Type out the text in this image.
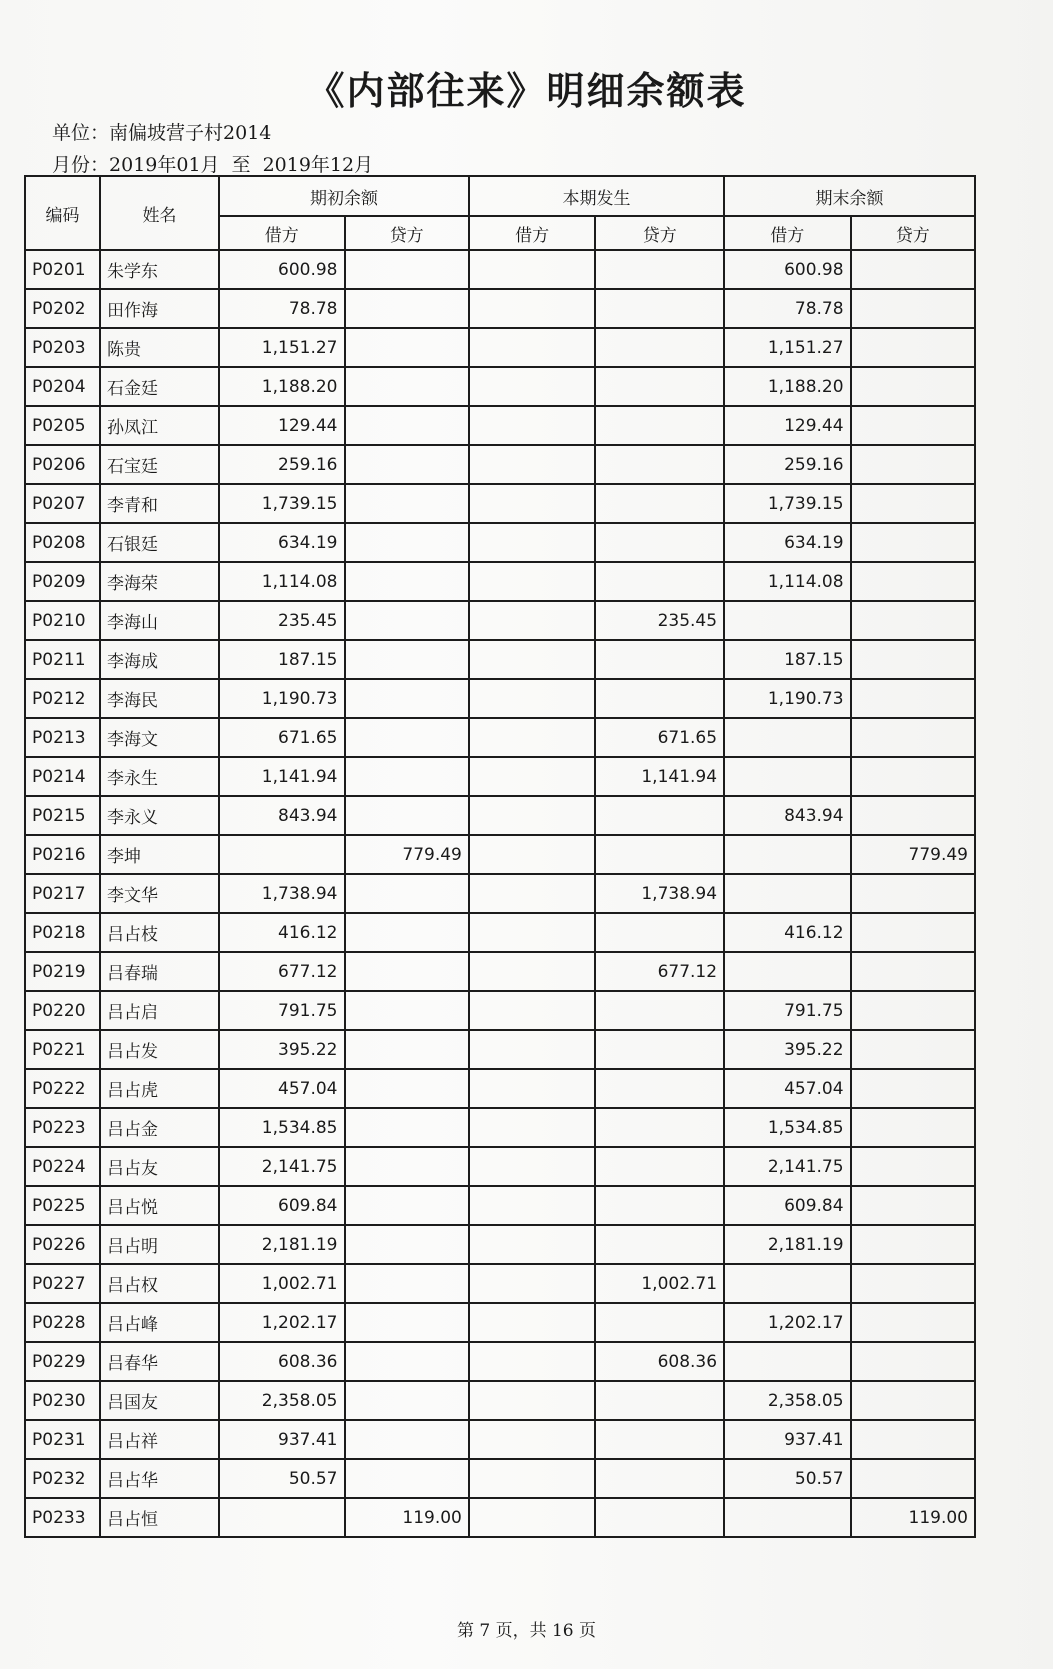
《内部往来》明细余额表
单位：南偏坡营子村2014
月份：2019年01月 至 2019年12月
编码	姓名	期初余额		本期发生		期末余额	
		借方	贷方	借方	贷方	借方	贷方
P0201	朱学东	600.98				600.98	
P0202	田作海	78.78				78.78	
P0203	陈贵	1,151.27				1,151.27	
P0204	石金廷	1,188.20				1,188.20	
P0205	孙凤江	129.44				129.44	
P0206	石宝廷	259.16				259.16	
P0207	李青和	1,739.15				1,739.15	
P0208	石银廷	634.19				634.19	
P0209	李海荣	1,114.08				1,114.08	
P0210	李海山	235.45			235.45		
P0211	李海成	187.15				187.15	
P0212	李海民	1,190.73				1,190.73	
P0213	李海文	671.65			671.65		
P0214	李永生	1,141.94			1,141.94		
P0215	李永义	843.94				843.94	
P0216	李坤		779.49				779.49
P0217	李文华	1,738.94			1,738.94		
P0218	吕占枝	416.12				416.12	
P0219	吕春瑞	677.12			677.12		
P0220	吕占启	791.75				791.75	
P0221	吕占发	395.22				395.22	
P0222	吕占虎	457.04				457.04	
P0223	吕占金	1,534.85				1,534.85	
P0224	吕占友	2,141.75				2,141.75	
P0225	吕占悦	609.84				609.84	
P0226	吕占明	2,181.19				2,181.19	
P0227	吕占权	1,002.71			1,002.71		
P0228	吕占峰	1,202.17				1,202.17	
P0229	吕春华	608.36			608.36		
P0230	吕国友	2,358.05				2,358.05	
P0231	吕占祥	937.41				937.41	
P0232	吕占华	50.57				50.57	
P0233	吕占恒		119.00				119.00
第 7 页，共 16 页
